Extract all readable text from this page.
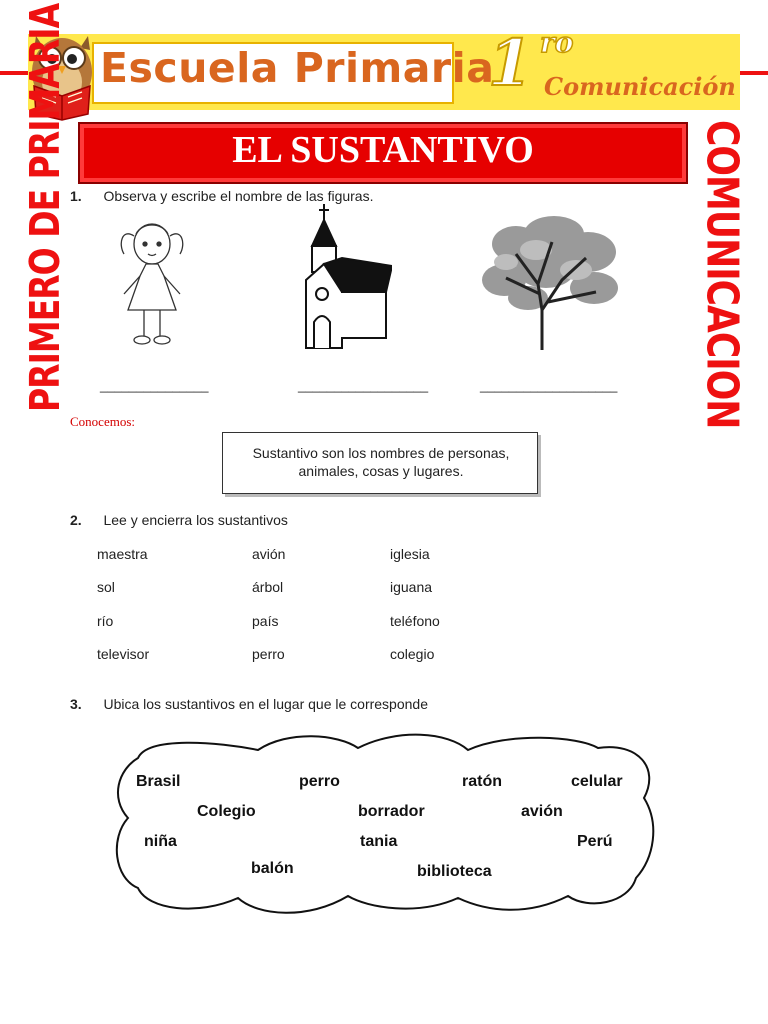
Escuela Primaria
1 ro
Comunicación
PRIMERO DE PRIMARIA	COMUNICACION
EL SUSTANTIVO
1. Observa y escribe el nombre de las figuras.
_______________	__________________	___________________
Conocemos:
Sustantivo son los nombres de personas, animales, cosas y lugares.
2. Lee y encierra los sustantivos
maestra	avión	iglesia
sol	árbol	iguana
río	país	teléfono
televisor	perro	colegio
3. Ubica los sustantivos en el lugar que le corresponde
Brasil	perro	ratón	celular
Colegio	borrador	avión
niña	tania	Perú
balón	biblioteca
